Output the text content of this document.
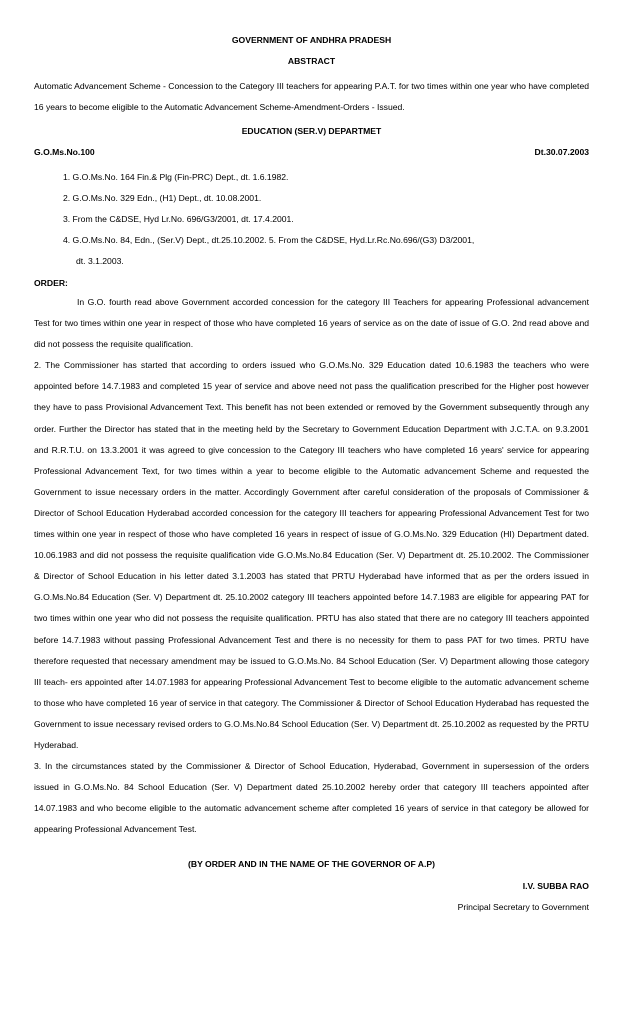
GOVERNMENT OF ANDHRA PRADESH
ABSTRACT
Automatic Advancement Scheme - Concession to the Category III teachers for appearing P.A.T. for two times within one year who have completed 16 years to become eligible to the Automatic Advancement Scheme-Amendment-Orders - Issued.
EDUCATION (SER.V) DEPARTMET
G.O.Ms.No.100	Dt.30.07.2003
1. G.O.Ms.No. 164 Fin.& Plg (Fin-PRC) Dept., dt. 1.6.1982.
2. G.O.Ms.No. 329 Edn., (H1) Dept., dt. 10.08.2001.
3. From the C&DSE, Hyd Lr.No. 696/G3/2001, dt. 17.4.2001.
4. G.O.Ms.No. 84, Edn., (Ser.V) Dept., dt.25.10.2002. 5. From the C&DSE, Hyd.Lr.Rc.No.696/(G3) D3/2001,
dt. 3.1.2003.
ORDER:

In G.O. fourth read above Government accorded concession for the category III Teachers for appearing Professional advancement Test for two times within one year in respect of those who have completed 16 years of service as on the date of issue of G.O. 2nd read above and did not possess the requisite qualification.

2. The Commissioner has started that according to orders issued who G.O.Ms.No. 329 Education dated 10.6.1983 the teachers who were appointed before 14.7.1983 and completed 15 year of service and above need not pass the qualification prescribed for the Higher post however they have to pass Provisional Advancement Text. This benefit has not been extended or removed by the Government subsequently through any order. Further the Director has stated that in the meeting held by the Secretary to Government Education Department with J.C.T.A. on 9.3.2001 and R.R.T.U. on 13.3.2001 it was agreed to give concession to the Category III teachers who have completed 16 years' service for appearing Professional Advancement Text, for two times within a year to become eligible to the Automatic advancement Scheme and requested the Government to issue necessary orders in the matter. Accordingly Government after careful consideration of the proposals of Commissioner & Director of School Education Hyderabad accorded concession for the category III teachers for appearing Professional Advancement Test for two times within one year in respect of those who have completed 16 years in respect of issue of G.O.Ms.No. 329 Education (HI) Department dated. 10.06.1983 and did not possess the requisite qualification vide G.O.Ms.No.84 Education (Ser. V) Department dt. 25.10.2002. The Commissioner & Director of School Education in his letter dated 3.1.2003 has stated that PRTU Hyderabad have informed that as per the orders issued in G.O.Ms.No.84 Education (Ser. V) Department dt. 25.10.2002 category III teachers appointed before 14.7.1983 are eligible for appearing PAT for two times within one year who did not possess the requisite qualification. PRTU has also stated that there are no category III teachers appointed before 14.7.1983 without passing Professional Advancement Test and there is no necessity for them to pass PAT for two times. PRTU have therefore requested that necessary amendment may be issued to G.O.Ms.No. 84 School Education (Ser. V) Department allowing those category III teach- ers appointed after 14.07.1983 for appearing Professional Advancement Test to become eligible to the automatic advancement scheme to those who have completed 16 year of service in that category. The Commissioner & Director of School Education Hyderabad has requested the Government to issue necessary revised orders to G.O.Ms.No.84 School Education (Ser. V) Department dt. 25.10.2002 as requested by the PRTU Hyderabad.

3. In the circumstances stated by the Commissioner & Director of School Education, Hyderabad, Government in supersession of the orders issued in G.O.Ms.No. 84 School Education (Ser. V) Department dated 25.10.2002 hereby order that category III teachers appointed after 14.07.1983 and who become eligible to the automatic advancement scheme after completed 16 years of service in that category be allowed for appearing Professional Advancement Test.

(BY ORDER AND IN THE NAME OF THE GOVERNOR OF A.P)
I.V. SUBBA RAO
Principal Secretary to Government
